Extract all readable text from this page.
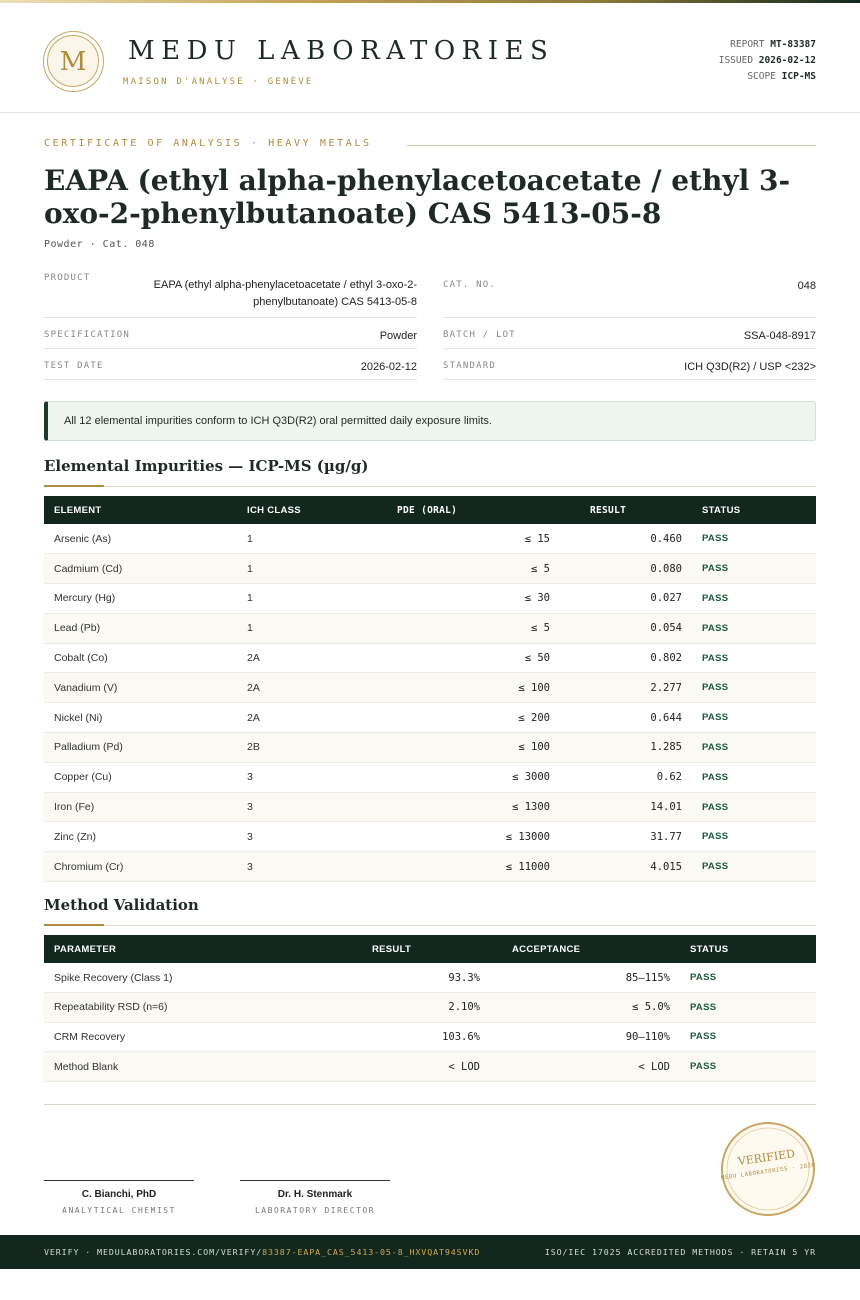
M	MEDU LABORATORIES
MAISON D'ANALYSE · GENÈVE
REPORT MT-83387
ISSUED 2026-02-12
SCOPE ICP-MS
CERTIFICATE OF ANALYSIS · HEAVY METALS
EAPA (ethyl alpha-phenylacetoacetate / ethyl 3-oxo-2-phenylbutanoate) CAS 5413-05-8
Powder · Cat. 048
PRODUCT
EAPA (ethyl alpha-phenylacetoacetate / ethyl 3-oxo-2-phenylbutanoate) CAS 5413-05-8
SPECIFICATION	Powder
TEST DATE	2026-02-12
CAT. NO.	048
BATCH / LOT	SSA-048-8917
STANDARD	ICH Q3D(R2) / USP <232>
All 12 elemental impurities conform to ICH Q3D(R2) oral permitted daily exposure limits.
Elemental Impurities — ICP-MS (µg/g)
ELEMENT	ICH CLASS	PDE (ORAL)	RESULT	STATUS
Arsenic (As)	1	≤ 15	0.460	PASS
Cadmium (Cd)	1	≤ 5	0.080	PASS
Mercury (Hg)	1	≤ 30	0.027	PASS
Lead (Pb)	1	≤ 5	0.054	PASS
Cobalt (Co)	2A	≤ 50	0.802	PASS
Vanadium (V)	2A	≤ 100	2.277	PASS
Nickel (Ni)	2A	≤ 200	0.644	PASS
Palladium (Pd)	2B	≤ 100	1.285	PASS
Copper (Cu)	3	≤ 3000	0.62	PASS
Iron (Fe)	3	≤ 1300	14.01	PASS
Zinc (Zn)	3	≤ 13000	31.77	PASS
Chromium (Cr)	3	≤ 11000	4.015	PASS
Method Validation
PARAMETER	RESULT	ACCEPTANCE	STATUS
Spike Recovery (Class 1)	93.3%	85–115%	PASS
Repeatability RSD (n=6)	2.10%	≤ 5.0%	PASS
CRM Recovery	103.6%	90–110%	PASS
Method Blank	< LOD	< LOD	PASS
C. Bianchi, PhD
ANALYTICAL CHEMIST
Dr. H. Stenmark
LABORATORY DIRECTOR
VERIFIED
MEDU LABORATORIES · 2026
VERIFY · MEDULABORATORIES.COM/VERIFY/83387-EAPA_CAS_5413-05-8_HXVQAT94SVKD	ISO/IEC 17025 ACCREDITED METHODS · RETAIN 5 YR
